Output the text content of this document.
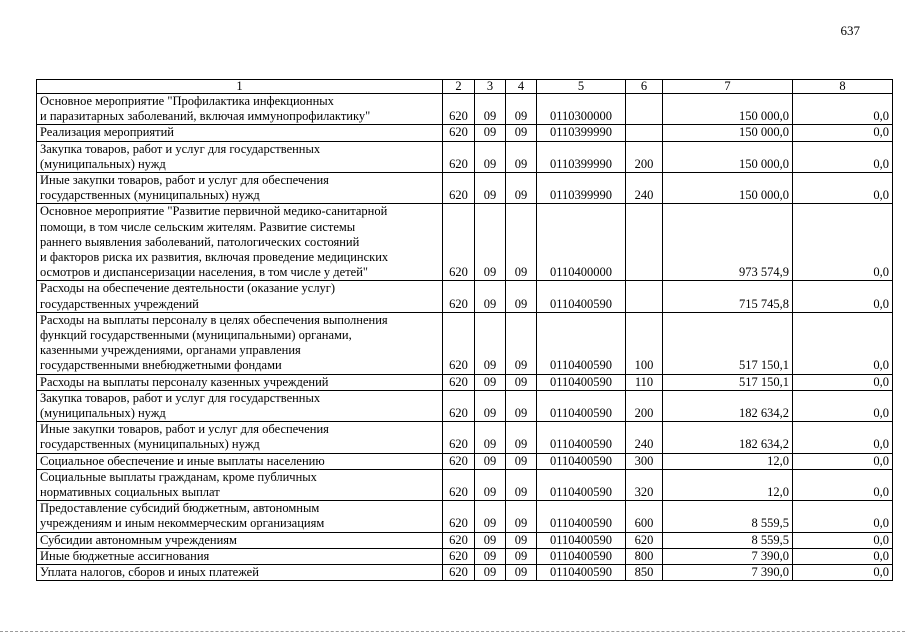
637
1	2	3	4	5	6	7	8
Основное мероприятие "Профилактика инфекционных
и паразитарных заболеваний, включая иммунопрофилактику"	620	09	09	0110300000		150 000,0	0,0
Реализация мероприятий	620	09	09	0110399990		150 000,0	0,0
Закупка товаров, работ и услуг для государственных
(муниципальных) нужд	620	09	09	0110399990	200	150 000,0	0,0
Иные закупки товаров, работ и услуг для обеспечения
государственных (муниципальных) нужд	620	09	09	0110399990	240	150 000,0	0,0
Основное мероприятие "Развитие первичной медико-санитарной
помощи, в том числе сельским жителям. Развитие системы
раннего выявления заболеваний, патологических состояний
и факторов риска их развития, включая проведение медицинских
осмотров и диспансеризации населения, в том числе у детей"	620	09	09	0110400000		973 574,9	0,0
Расходы на обеспечение деятельности (оказание услуг)
государственных учреждений	620	09	09	0110400590		715 745,8	0,0
Расходы на выплаты персоналу в целях обеспечения выполнения
функций государственными (муниципальными) органами,
казенными учреждениями, органами управления
государственными внебюджетными фондами	620	09	09	0110400590	100	517 150,1	0,0
Расходы на выплаты персоналу казенных учреждений	620	09	09	0110400590	110	517 150,1	0,0
Закупка товаров, работ и услуг для государственных
(муниципальных) нужд	620	09	09	0110400590	200	182 634,2	0,0
Иные закупки товаров, работ и услуг для обеспечения
государственных (муниципальных) нужд	620	09	09	0110400590	240	182 634,2	0,0
Социальное обеспечение и иные выплаты населению	620	09	09	0110400590	300	12,0	0,0
Социальные выплаты гражданам, кроме публичных
нормативных социальных выплат	620	09	09	0110400590	320	12,0	0,0
Предоставление субсидий бюджетным, автономным
учреждениям и иным некоммерческим организациям	620	09	09	0110400590	600	8 559,5	0,0
Субсидии автономным учреждениям	620	09	09	0110400590	620	8 559,5	0,0
Иные бюджетные ассигнования	620	09	09	0110400590	800	7 390,0	0,0
Уплата налогов, сборов и иных платежей	620	09	09	0110400590	850	7 390,0	0,0
